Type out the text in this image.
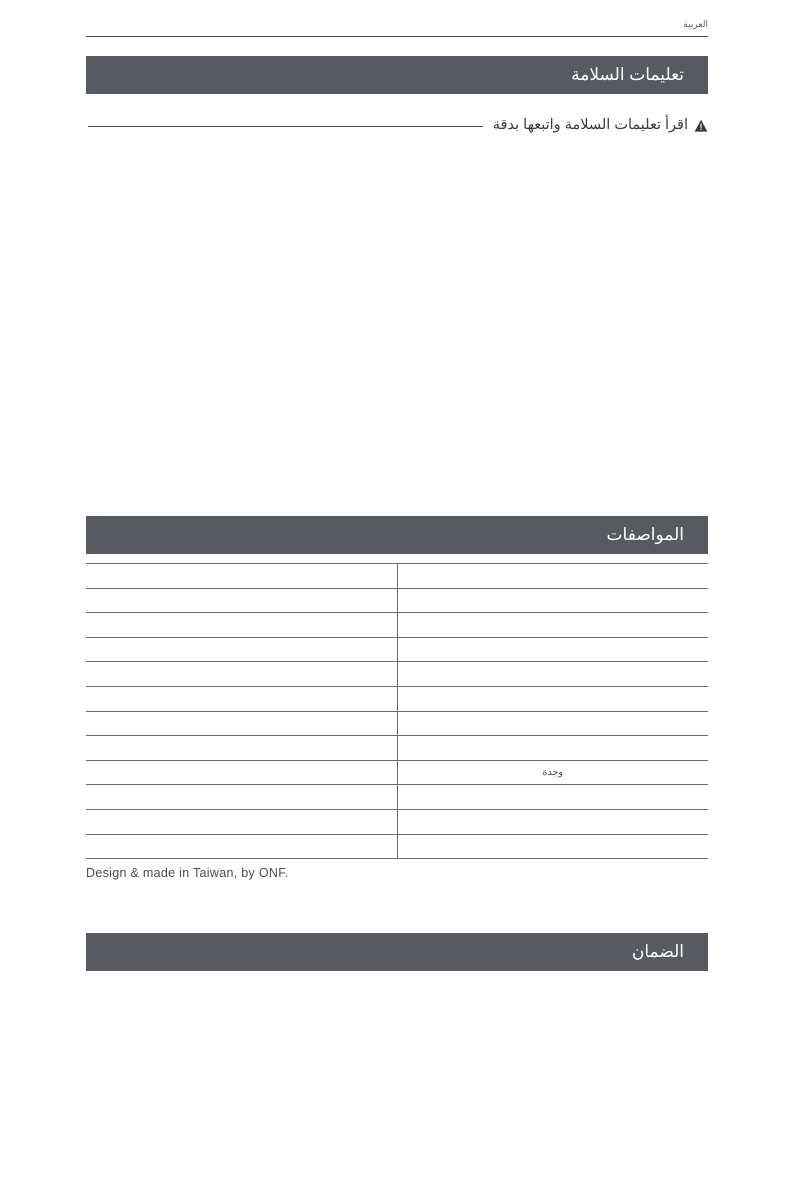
العربية
تعليمات السلامة
اقرأ تعليمات السلامة واتبعها بدقة
المواصفات

وجدة	

Design & made in Taiwan, by ONF.
الضمان
